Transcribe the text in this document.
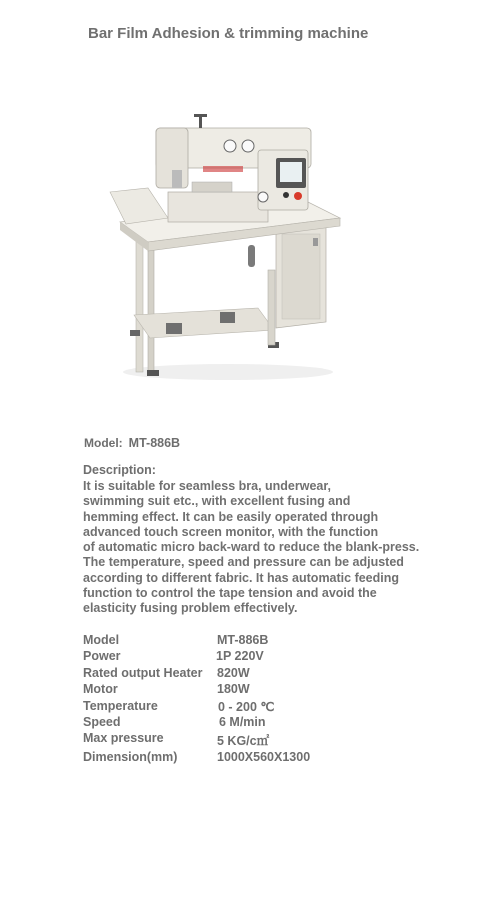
Bar Film Adhesion & trimming machine
Model: MT-886B
Description:
It is suitable for seamless bra, underwear,
swimming suit etc., with excellent fusing and
hemming effect. It can be easily operated through
advanced touch screen monitor, with the function
of automatic micro back-ward to reduce the blank-press.
The temperature, speed and pressure can be adjusted
according to different fabric. It has automatic feeding
function to control the tape tension and avoid the
elasticity fusing problem effectively.
Model	MT-886B
Power	1P 220V
Rated output Heater 820W
Motor	180W
Temperature	0 - 200 ℃
Speed	6 M/min
Max pressure	5 KG/c㎡
Dimension(mm)	1000X560X1300
